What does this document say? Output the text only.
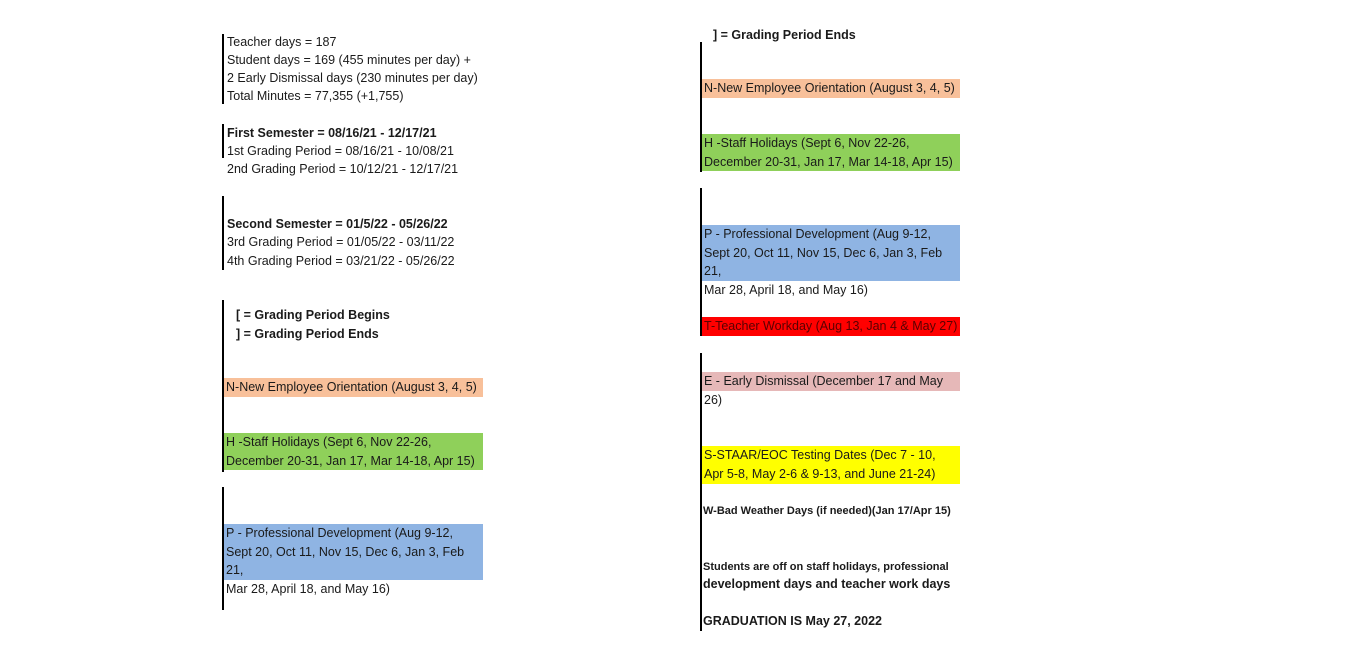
Teacher days = 187
Student days = 169 (455 minutes per day) +
2 Early Dismissal days (230 minutes per day)
Total Minutes = 77,355 (+1,755)
First Semester = 08/16/21 - 12/17/21
1st Grading Period = 08/16/21 - 10/08/21
2nd Grading Period = 10/12/21 - 12/17/21
Second Semester = 01/5/22 - 05/26/22
3rd Grading Period = 01/05/22 - 03/11/22
4th Grading Period = 03/21/22 - 05/26/22
[ = Grading Period Begins
] = Grading Period Ends
N-New Employee Orientation (August 3, 4, 5)
H -Staff Holidays (Sept 6, Nov 22-26,
December 20-31, Jan 17, Mar 14-18, Apr 15)
P - Professional Development (Aug 9-12,
Sept 20, Oct 11, Nov 15, Dec 6, Jan 3, Feb 21,
Mar 28, April 18, and May 16)
] = Grading Period Ends
N-New Employee Orientation (August 3, 4, 5)
H -Staff Holidays (Sept 6, Nov 22-26,
December 20-31, Jan 17, Mar 14-18, Apr 15)
P - Professional Development (Aug 9-12,
Sept 20, Oct 11, Nov 15, Dec 6, Jan 3, Feb 21,
Mar 28, April 18, and May 16)
T-Teacher Workday (Aug 13, Jan 4 & May 27)
E - Early Dismissal (December 17 and May 26)
S-STAAR/EOC Testing Dates (Dec 7 - 10,
Apr 5-8, May 2-6 & 9-13, and June 21-24)
W-Bad Weather Days (if needed)(Jan 17/Apr 15)
Students are off on staff holidays, professional
development days and teacher work days
GRADUATION IS May 27, 2022
